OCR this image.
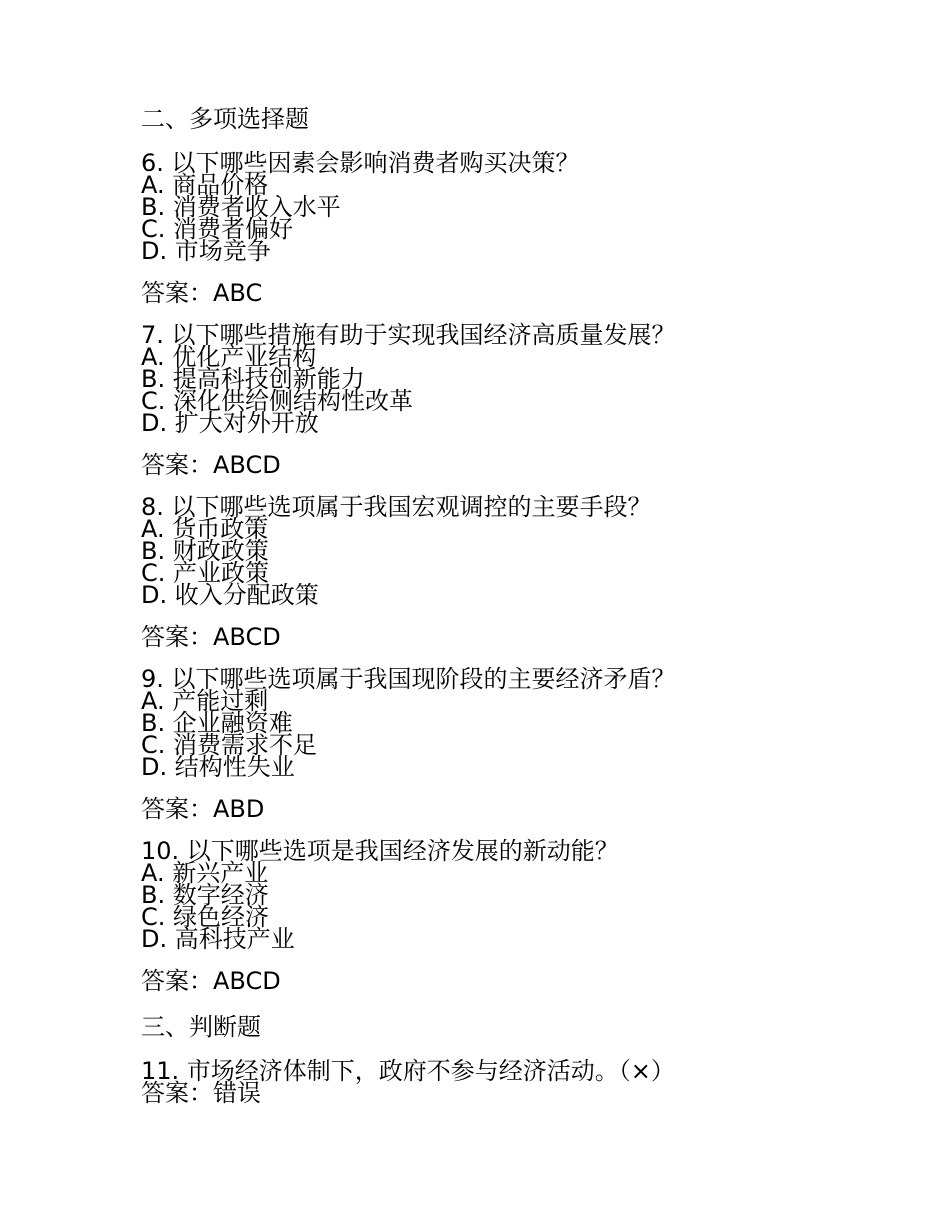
二、多项选择题
6. 以下哪些因素会影响消费者购买决策？
A. 商品价格
B. 消费者收入水平
C. 消费者偏好
D. 市场竞争
答案：ABC
7. 以下哪些措施有助于实现我国经济高质量发展？
A. 优化产业结构
B. 提高科技创新能力
C. 深化供给侧结构性改革
D. 扩大对外开放
答案：ABCD
8. 以下哪些选项属于我国宏观调控的主要手段？
A. 货币政策
B. 财政政策
C. 产业政策
D. 收入分配政策
答案：ABCD
9. 以下哪些选项属于我国现阶段的主要经济矛盾？
A. 产能过剩
B. 企业融资难
C. 消费需求不足
D. 结构性失业
答案：ABD
10. 以下哪些选项是我国经济发展的新动能？
A. 新兴产业
B. 数字经济
C. 绿色经济
D. 高科技产业
答案：ABCD
三、判断题
11. 市场经济体制下，政府不参与经济活动。（×）
答案：错误
